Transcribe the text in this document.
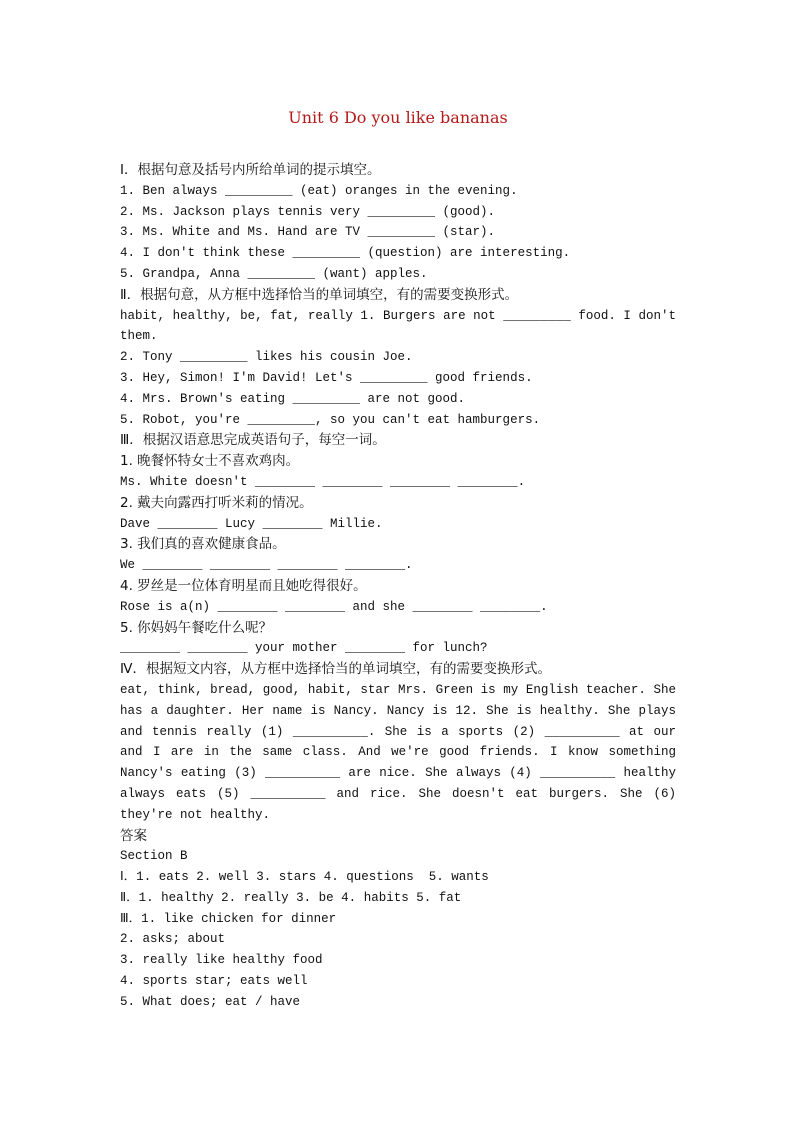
Unit 6 Do you like bananas
Ⅰ．根据句意及括号内所给单词的提示填空。
1. Ben always _________ (eat) oranges in the evening.
2. Ms. Jackson plays tennis very _________ (good).
3. Ms. White and Ms. Hand are TV _________ (star).
4. I don't think these _________ (question) are interesting.
5. Grandpa, Anna _________ (want) apples.
Ⅱ．根据句意，从方框中选择恰当的单词填空，有的需要变换形式。
habit, healthy, be, fat, really 1. Burgers are not _________ food. I don't
them.
2. Tony _________ likes his cousin Joe.
3. Hey, Simon! I'm David! Let's _________ good friends.
4. Mrs. Brown's eating _________ are not good.
5. Robot, you're _________, so you can't eat hamburgers.
Ⅲ．根据汉语意思完成英语句子，每空一词。
1. 晚餐怀特女士不喜欢鸡肉。
Ms. White doesn't ________ ________ ________ ________.
2. 戴夫向露西打听米莉的情况。
Dave ________ Lucy ________ Millie.
3. 我们真的喜欢健康食品。
We ________ ________ ________ ________.
4. 罗丝是一位体育明星而且她吃得很好。
Rose is a(n) ________ ________ and she ________ ________.
5. 你妈妈午餐吃什么呢？
________ ________ your mother ________ for lunch?
Ⅳ．根据短文内容，从方框中选择恰当的单词填空，有的需要变换形式。
eat, think, bread, good, habit, star Mrs. Green is my English teacher. She
has a daughter. Her name is Nancy. Nancy is 12. She is healthy. She plays
and tennis really (1) __________. She is a sports (2) __________ at our
and I are in the same class. And we're good friends. I know something
Nancy's eating (3) __________ are nice. She always (4) __________ healthy
always eats (5) __________ and rice. She doesn't eat burgers. She (6)
they're not healthy.
答案
Section B
Ⅰ．1. eats 2. well 3. stars 4. questions  5. wants
Ⅱ．1. healthy 2. really 3. be 4. habits 5. fat
Ⅲ．1. like chicken for dinner
2. asks; about
3. really like healthy food
4. sports star; eats well
5. What does; eat / have
